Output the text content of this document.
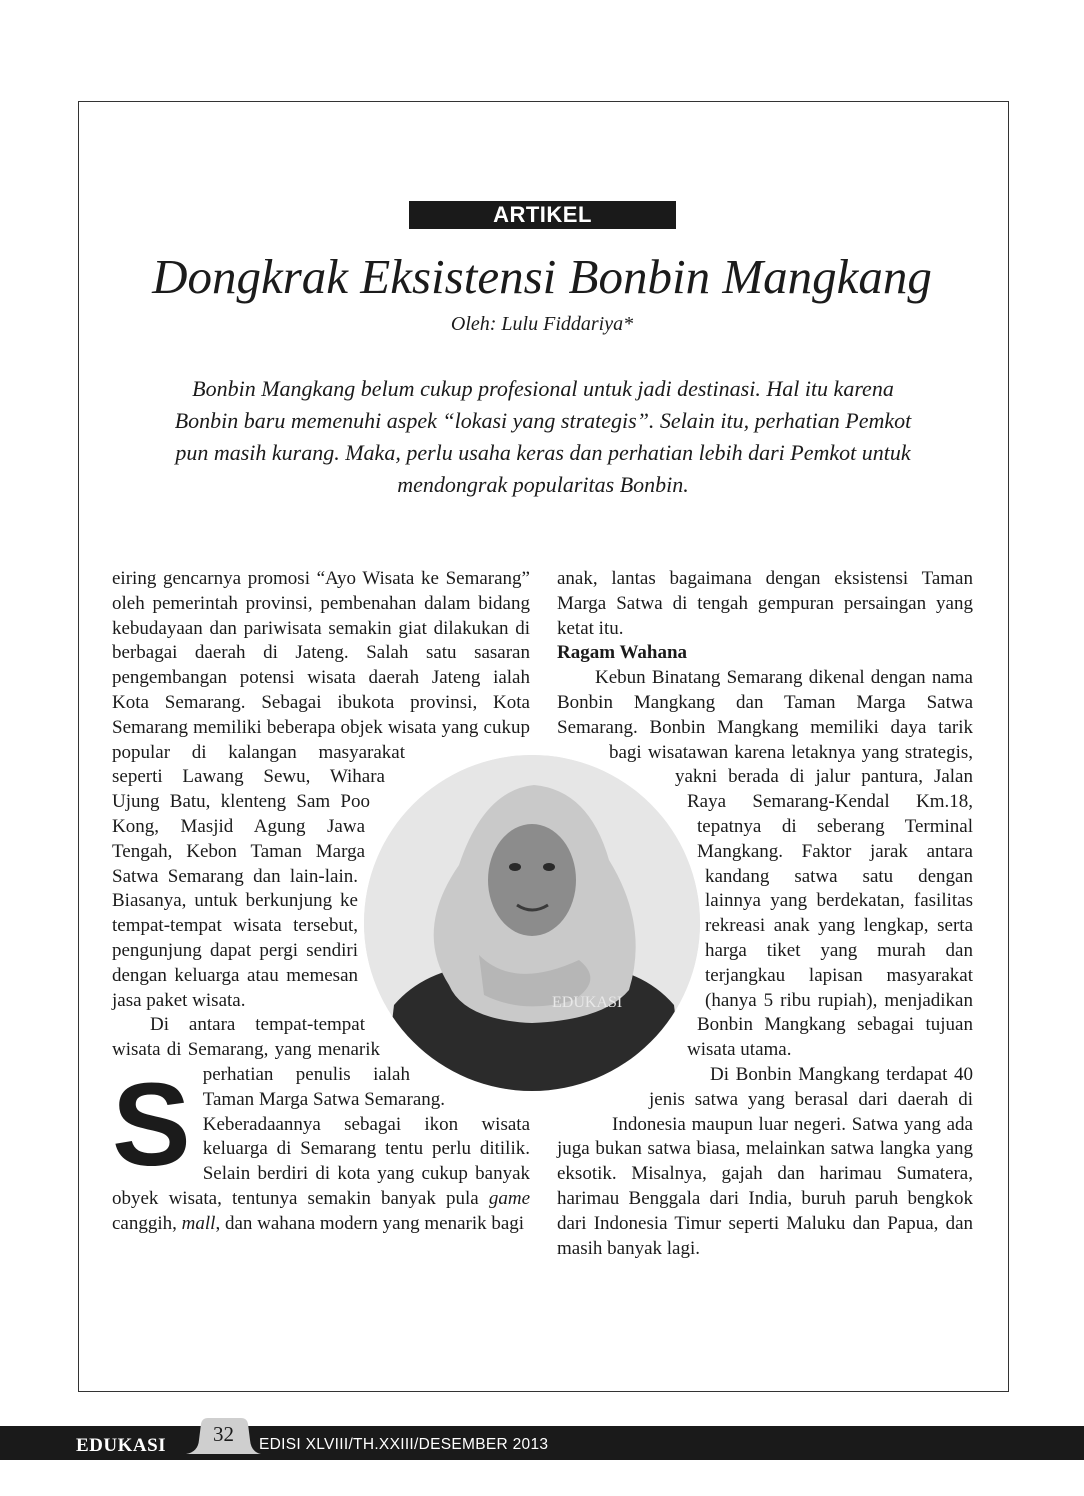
ARTIKEL
Dongkrak Eksistensi Bonbin Mangkang
Oleh: Lulu Fiddariya*
Bonbin Mangkang belum cukup profesional untuk jadi destinasi. Hal itu karena Bonbin baru memenuhi aspek “lokasi yang strategis”. Selain itu, perhatian Pemkot pun masih kurang. Maka, perlu usaha keras dan perhatian lebih dari Pemkot untuk mendongrak popularitas Bonbin.
S

eiring gencarnya promosi “Ayo Wisata ke Semarang” oleh pemerintah provinsi, pembenahan dalam bidang kebudayaan dan pariwisata semakin giat dilakukan di berbagai daerah di Jateng. Salah satu sasaran pengembangan potensi wisata daerah Jateng ialah Kota Semarang. Sebagai ibukota provinsi, Kota Semarang memiliki beberapa objek wisata yang cukup popular di kalangan masyarakat seperti Lawang Sewu, Wihara Ujung Batu, klenteng Sam Poo Kong, Masjid Agung Jawa Tengah, Kebon Taman Marga Satwa Semarang dan lain-lain. Biasanya, untuk berkunjung ke tempat-tempat wisata tersebut, pengunjung dapat pergi sendiri dengan keluarga atau memesan jasa paket wisata.

Di antara tempat-tempat wisata di Semarang, yang menarik perhatian penulis ialah Taman Marga Satwa Semarang. Keberadaannya sebagai ikon wisata keluarga di Semarang tentu perlu ditilik. Selain berdiri di kota yang cukup banyak obyek wisata, tentunya semakin banyak pula game canggih, mall, dan wahana modern yang menarik bagi

anak, lantas bagaimana dengan eksistensi Taman Marga Satwa di tengah gempuran persaingan yang ketat itu.

Ragam Wahana

Kebun Binatang Semarang dikenal dengan nama Bonbin Mangkang dan Taman Marga Satwa Semarang. Bonbin Mangkang memiliki daya tarik bagi wisatawan karena letaknya yang strategis, yakni berada di jalur pantura, Jalan Raya Semarang-Kendal Km.18, tepatnya di seberang Terminal Mangkang. Faktor jarak antara kandang satwa satu dengan lainnya yang berdekatan, fasilitas rekreasi anak yang lengkap, serta harga tiket yang murah dan terjangkau lapisan masyarakat (hanya 5 ribu rupiah), menjadikan Bonbin Mangkang sebagai tujuan wisata utama.

Di Bonbin Mangkang terdapat 40 jenis satwa yang berasal dari daerah di Indonesia maupun luar negeri. Satwa yang ada juga bukan satwa biasa, melainkan satwa langka yang eksotik. Misalnya, gajah dan harimau Sumatera, harimau Benggala dari India, buruh paruh bengkok dari Indonesia Timur seperti Maluku dan Papua, dan masih banyak lagi.

EDUKASI
EDUKASI	32	EDISI XLVIII/TH.XXIII/DESEMBER 2013
